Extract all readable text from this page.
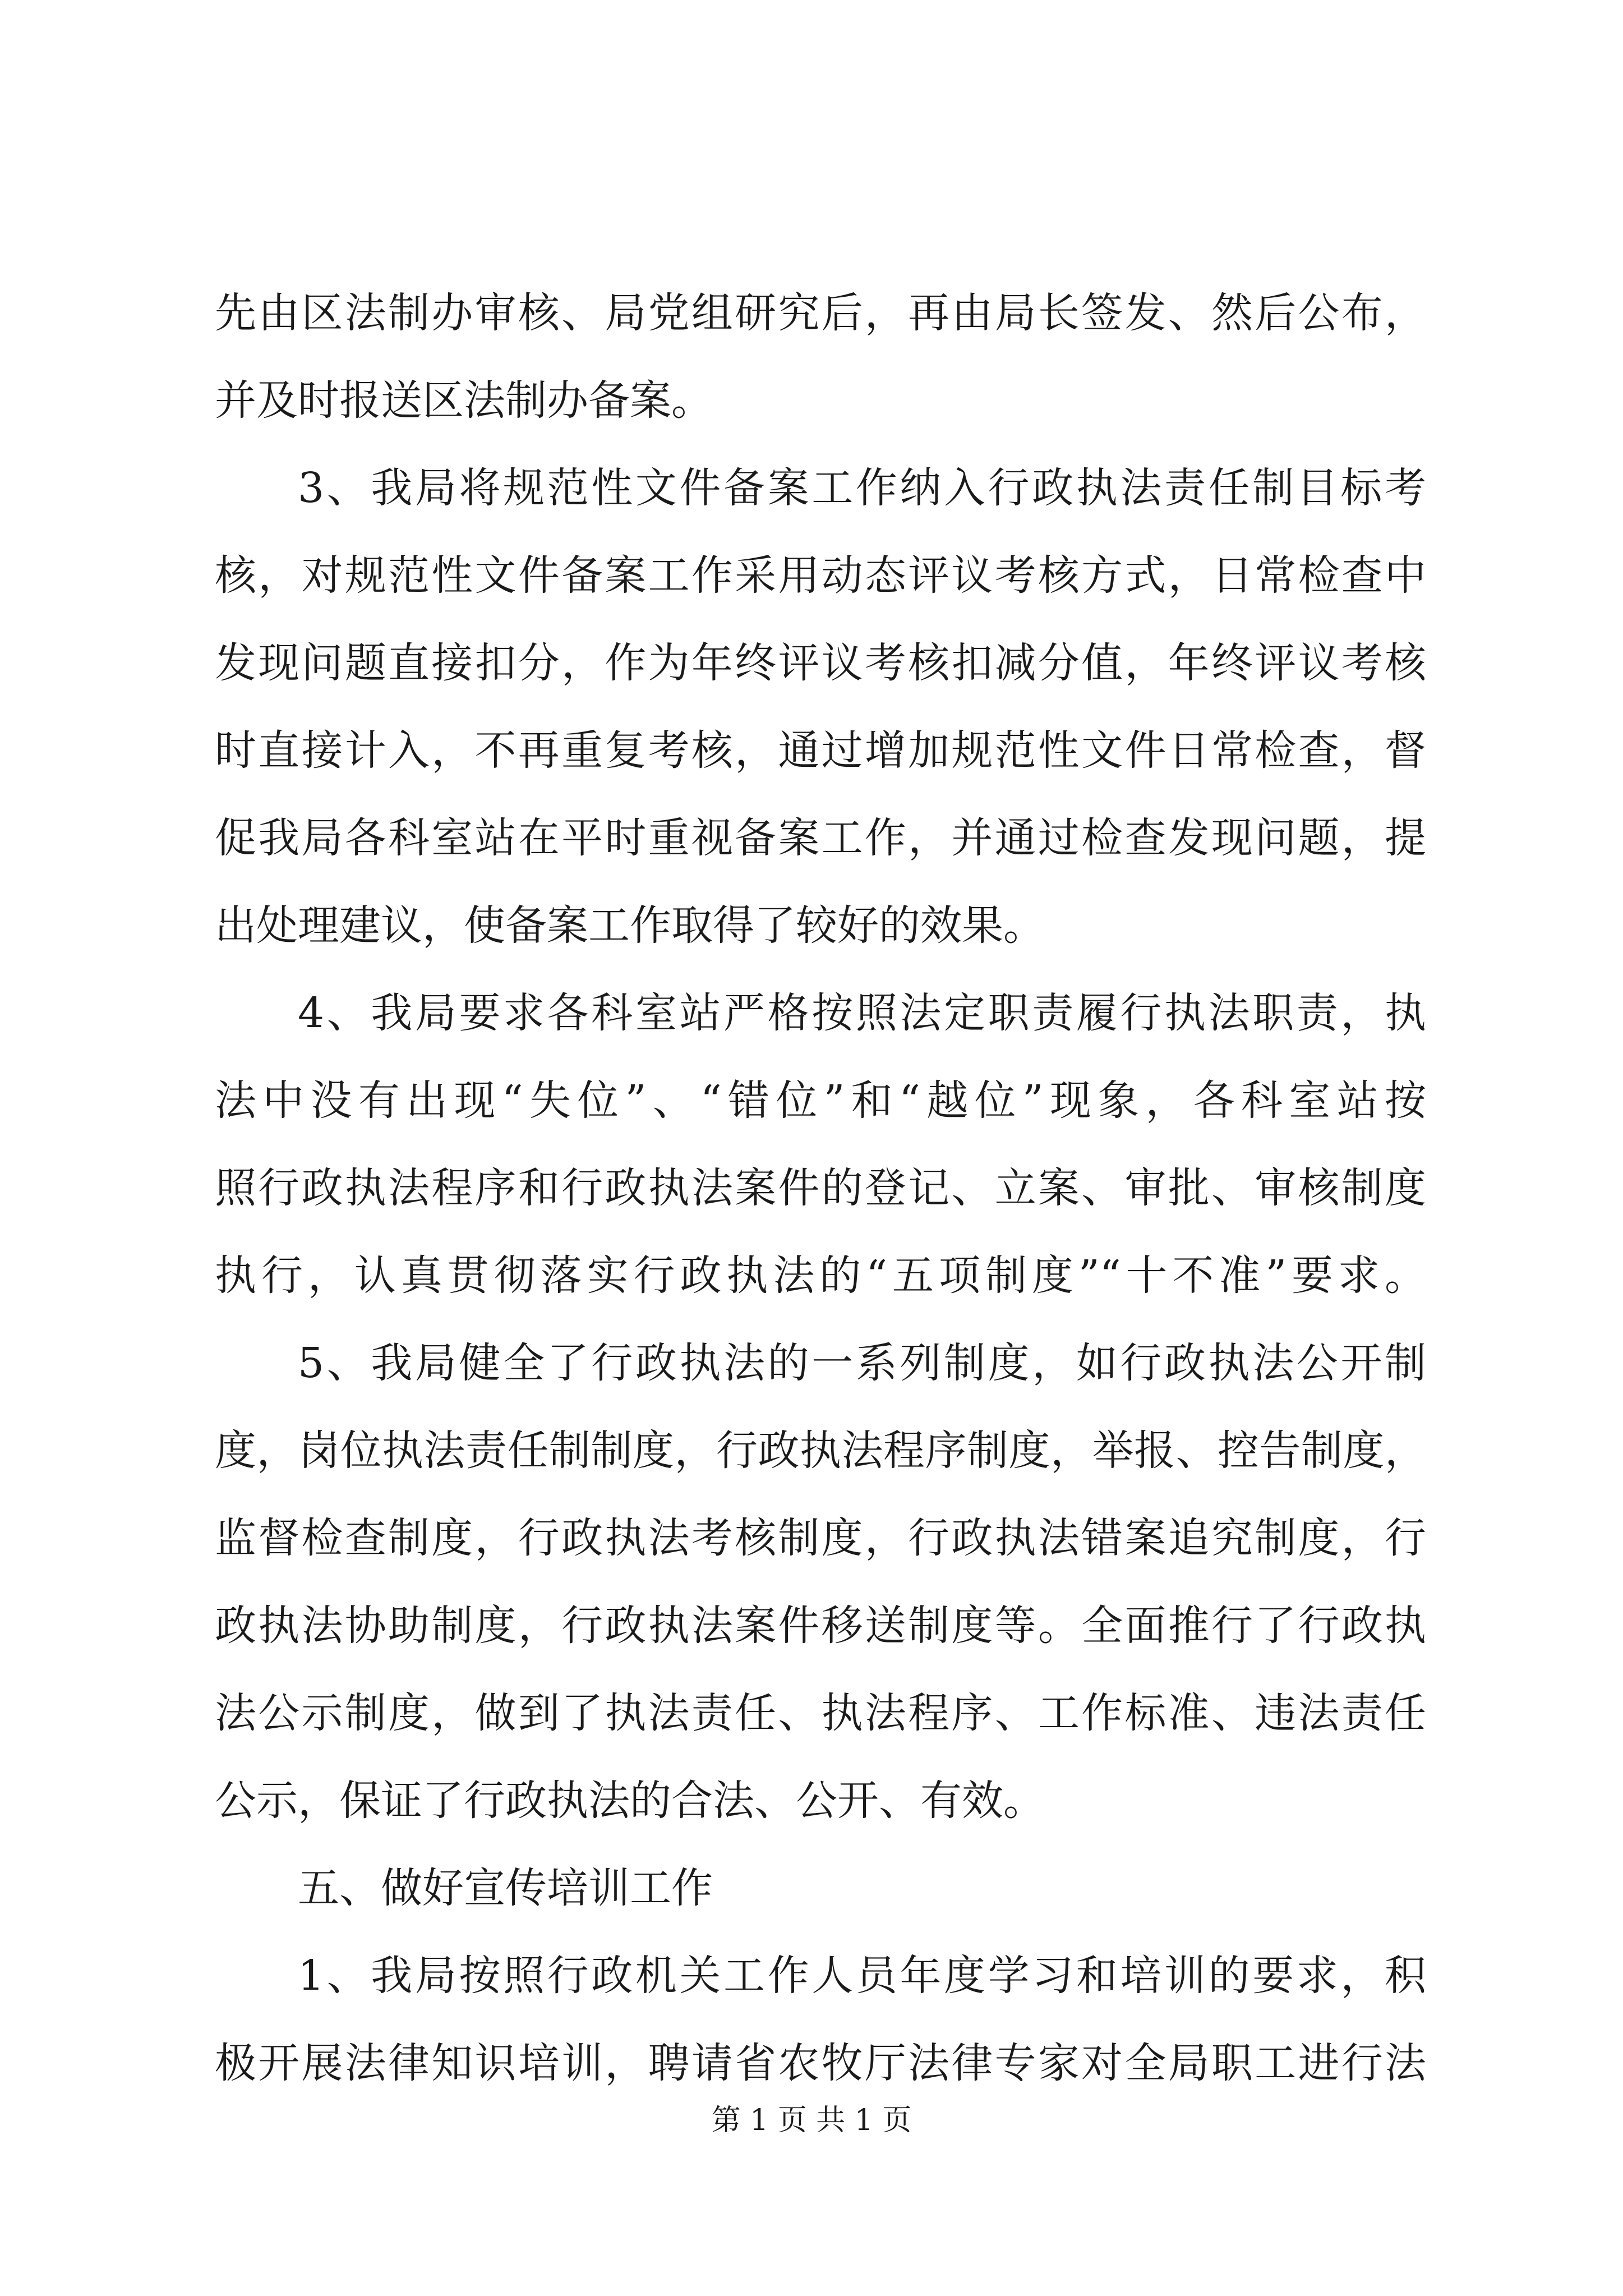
先由区法制办审核、局党组研究后，再由局长签发、然后公布，
并及时报送区法制办备案。
3、我局将规范性文件备案工作纳入行政执法责任制目标考
核，对规范性文件备案工作采用动态评议考核方式，日常检查中
发现问题直接扣分，作为年终评议考核扣减分值，年终评议考核
时直接计入，不再重复考核，通过增加规范性文件日常检查，督
促我局各科室站在平时重视备案工作，并通过检查发现问题，提
出处理建议，使备案工作取得了较好的效果。
4、我局要求各科室站严格按照法定职责履行执法职责，执
法中没有出现“失位”、“错位”和“越位”现象，各科室站按
照行政执法程序和行政执法案件的登记、立案、审批、审核制度
执行，认真贯彻落实行政执法的“五项制度”“十不准”要求。
5、我局健全了行政执法的一系列制度，如行政执法公开制
度，岗位执法责任制制度，行政执法程序制度，举报、控告制度，
监督检查制度，行政执法考核制度，行政执法错案追究制度，行
政执法协助制度，行政执法案件移送制度等。全面推行了行政执
法公示制度，做到了执法责任、执法程序、工作标准、违法责任
公示，保证了行政执法的合法、公开、有效。
五、做好宣传培训工作
1、我局按照行政机关工作人员年度学习和培训的要求，积
极开展法律知识培训，聘请省农牧厅法律专家对全局职工进行法
第 1 页 共 1 页
